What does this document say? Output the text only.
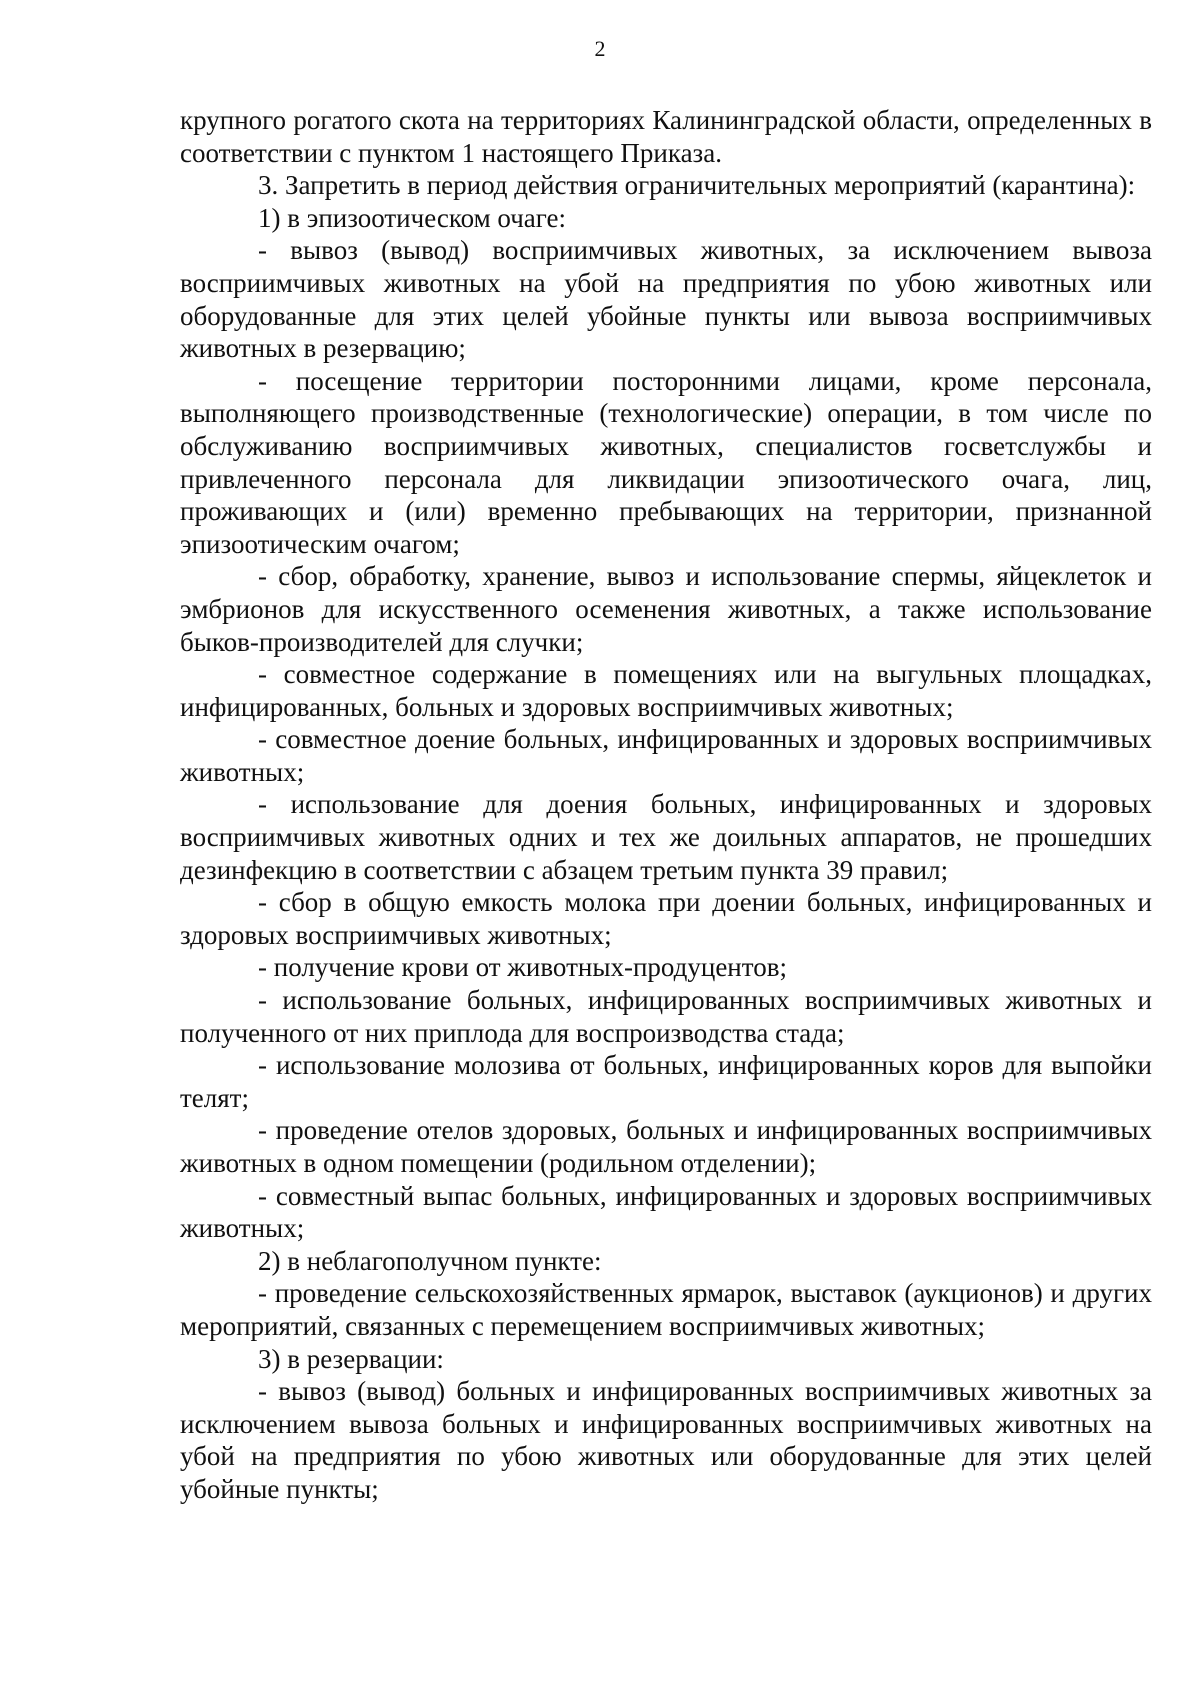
2

крупного рогатого скота на территориях Калининградской области, определенных в соответствии с пунктом 1 настоящего Приказа.

3. Запретить в период действия ограничительных мероприятий (карантина):

1) в эпизоотическом очаге:

- вывоз (вывод) восприимчивых животных, за исключением вывоза восприимчивых животных на убой на предприятия по убою животных или оборудованные для этих целей убойные пункты или вывоза восприимчивых животных в резервацию;

- посещение территории посторонними лицами, кроме персонала, выполняющего производственные (технологические) операции, в том числе по обслуживанию восприимчивых животных, специалистов госветслужбы и привлеченного персонала для ликвидации эпизоотического очага, лиц, проживающих и (или) временно пребывающих на территории, признанной эпизоотическим очагом;

- сбор, обработку, хранение, вывоз и использование спермы, яйцеклеток и эмбрионов для искусственного осеменения животных, а также использование быков-производителей для случки;

- совместное содержание в помещениях или на выгульных площадках, инфицированных, больных и здоровых восприимчивых животных;

- совместное доение больных, инфицированных и здоровых восприимчивых животных;

- использование для доения больных, инфицированных и здоровых восприимчивых животных одних и тех же доильных аппаратов, не прошедших дезинфекцию в соответствии с абзацем третьим пункта 39 правил;

- сбор в общую емкость молока при доении больных, инфицированных и здоровых восприимчивых животных;

- получение крови от животных-продуцентов;

- использование больных, инфицированных восприимчивых животных и полученного от них приплода для воспроизводства стада;

- использование молозива от больных, инфицированных коров для выпойки телят;

- проведение отелов здоровых, больных и инфицированных восприимчивых животных в одном помещении (родильном отделении);

- совместный выпас больных, инфицированных и здоровых восприимчивых животных;

2) в неблагополучном пункте:

- проведение сельскохозяйственных ярмарок, выставок (аукционов) и других мероприятий, связанных с перемещением восприимчивых животных;

3) в резервации:

- вывоз (вывод) больных и инфицированных восприимчивых животных за исключением вывоза больных и инфицированных восприимчивых животных на убой на предприятия по убою животных или оборудованные для этих целей убойные пункты;
